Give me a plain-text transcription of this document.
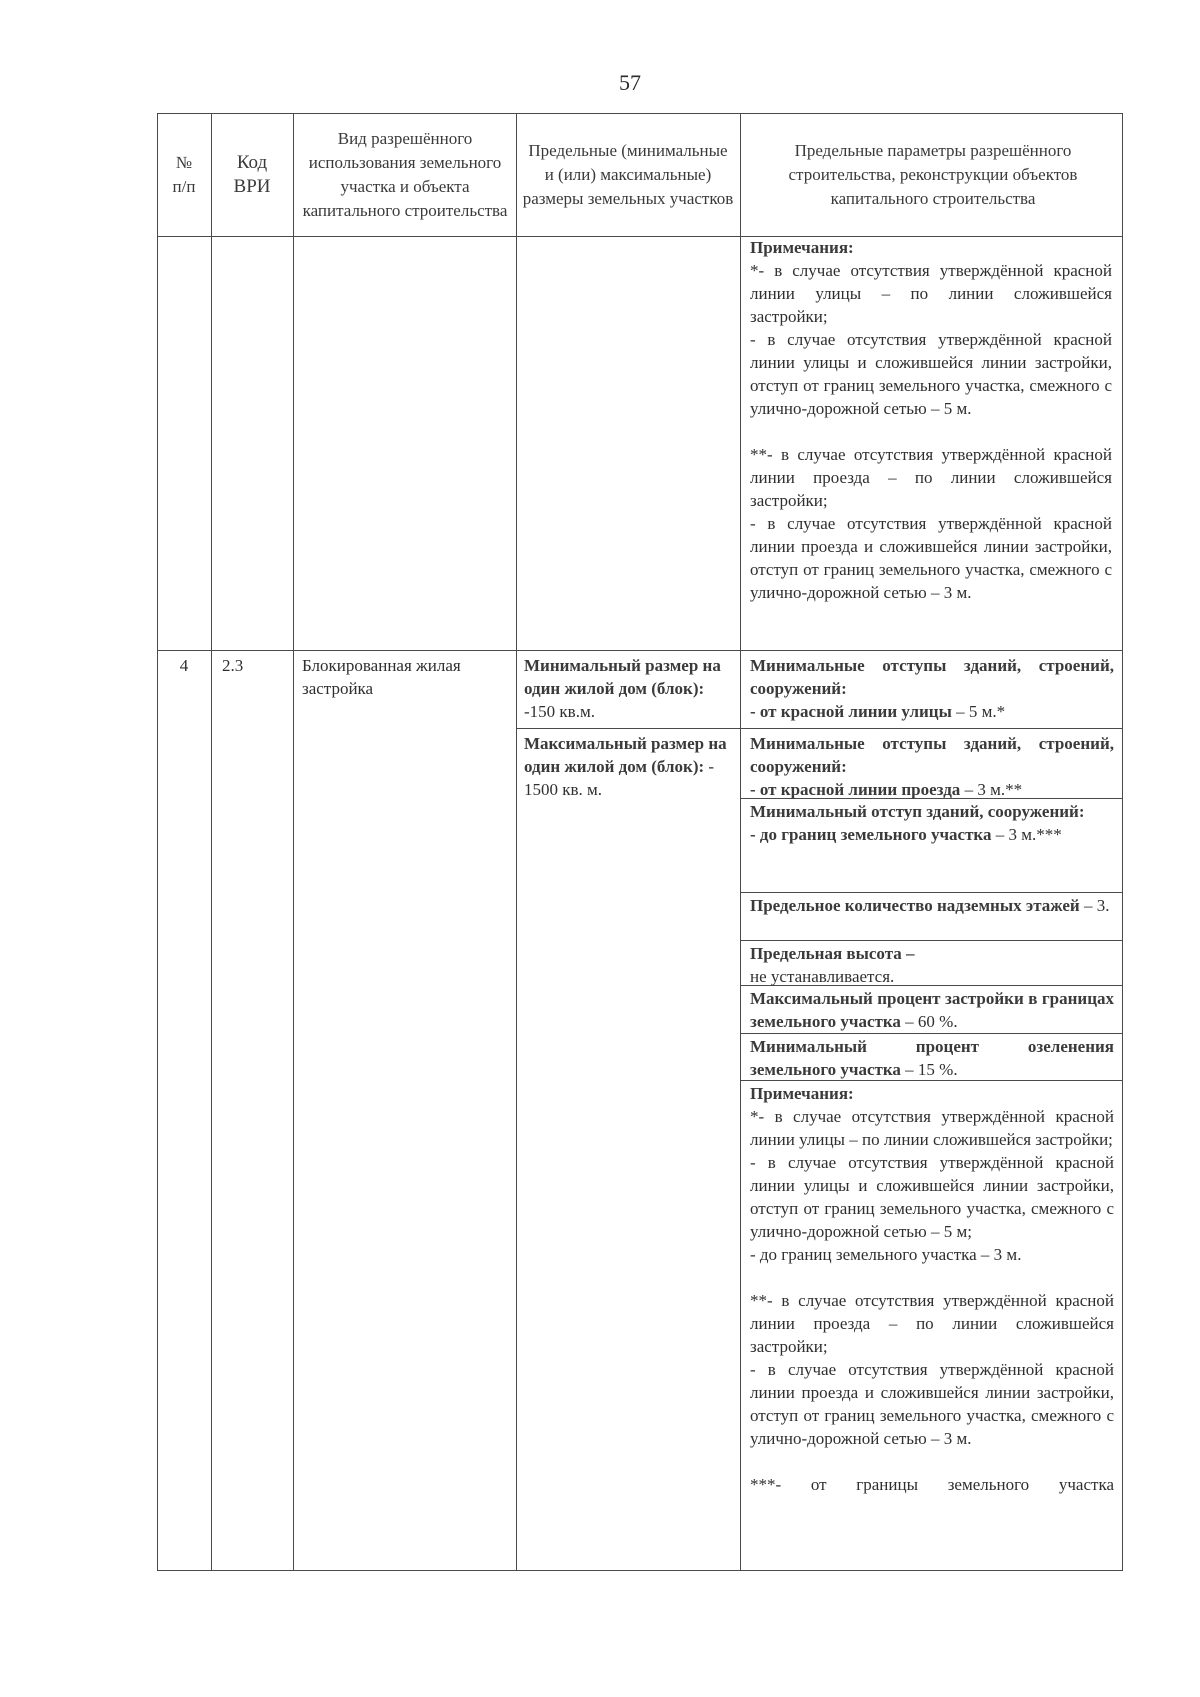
57
№
п/п
Код
ВРИ
Вид разрешённого использования земельного участка и объекта капитального строительства
Предельные (минимальные и (или) максимальные) размеры земельных участков
Предельные параметры разрешённого строительства, реконструкции объектов капитального строительства
Примечания:
*- в случае отсутствия утверждённой красной линии улицы – по линии сложившейся застройки;
- в случае отсутствия утверждённой красной линии улицы и сложившейся линии застройки, отступ от границ земельного участка, смежного с улично-дорожной сетью – 5 м.
**- в случае отсутствия утверждённой красной линии проезда – по линии сложившейся застройки;
- в случае отсутствия утверждённой красной линии проезда и сложившейся линии застройки, отступ от границ земельного участка, смежного с улично-дорожной сетью – 3 м.
4	2.3	Блокированная жилая застройка
Минимальный размер на один жилой дом (блок): -150 кв.м.
Максимальный размер на один жилой дом (блок): - 1500 кв. м.
Минимальные отступы зданий, строений, сооружений:
- от красной линии улицы – 5 м.*
Минимальные отступы зданий, строений, сооружений:
- от красной линии проезда – 3 м.**
Минимальный отступ зданий, сооружений:
- до границ земельного участка – 3 м.***
Предельное количество надземных этажей – 3.
Предельная высота –
не устанавливается.
Максимальный процент застройки в границах земельного участка – 60 %.
Минимальный процент озеленения земельного участка – 15 %.
Примечания:
*- в случае отсутствия утверждённой красной линии улицы – по линии сложившейся застройки;
- в случае отсутствия утверждённой красной линии улицы и сложившейся линии застройки, отступ от границ земельного участка, смежного с улично-дорожной сетью – 5 м;
- до границ земельного участка – 3 м.
**- в случае отсутствия утверждённой красной линии проезда – по линии сложившейся застройки;
- в случае отсутствия утверждённой красной линии проезда и сложившейся линии застройки, отступ от границ земельного участка, смежного с улично-дорожной сетью – 3 м.
***- от границы земельного участка
